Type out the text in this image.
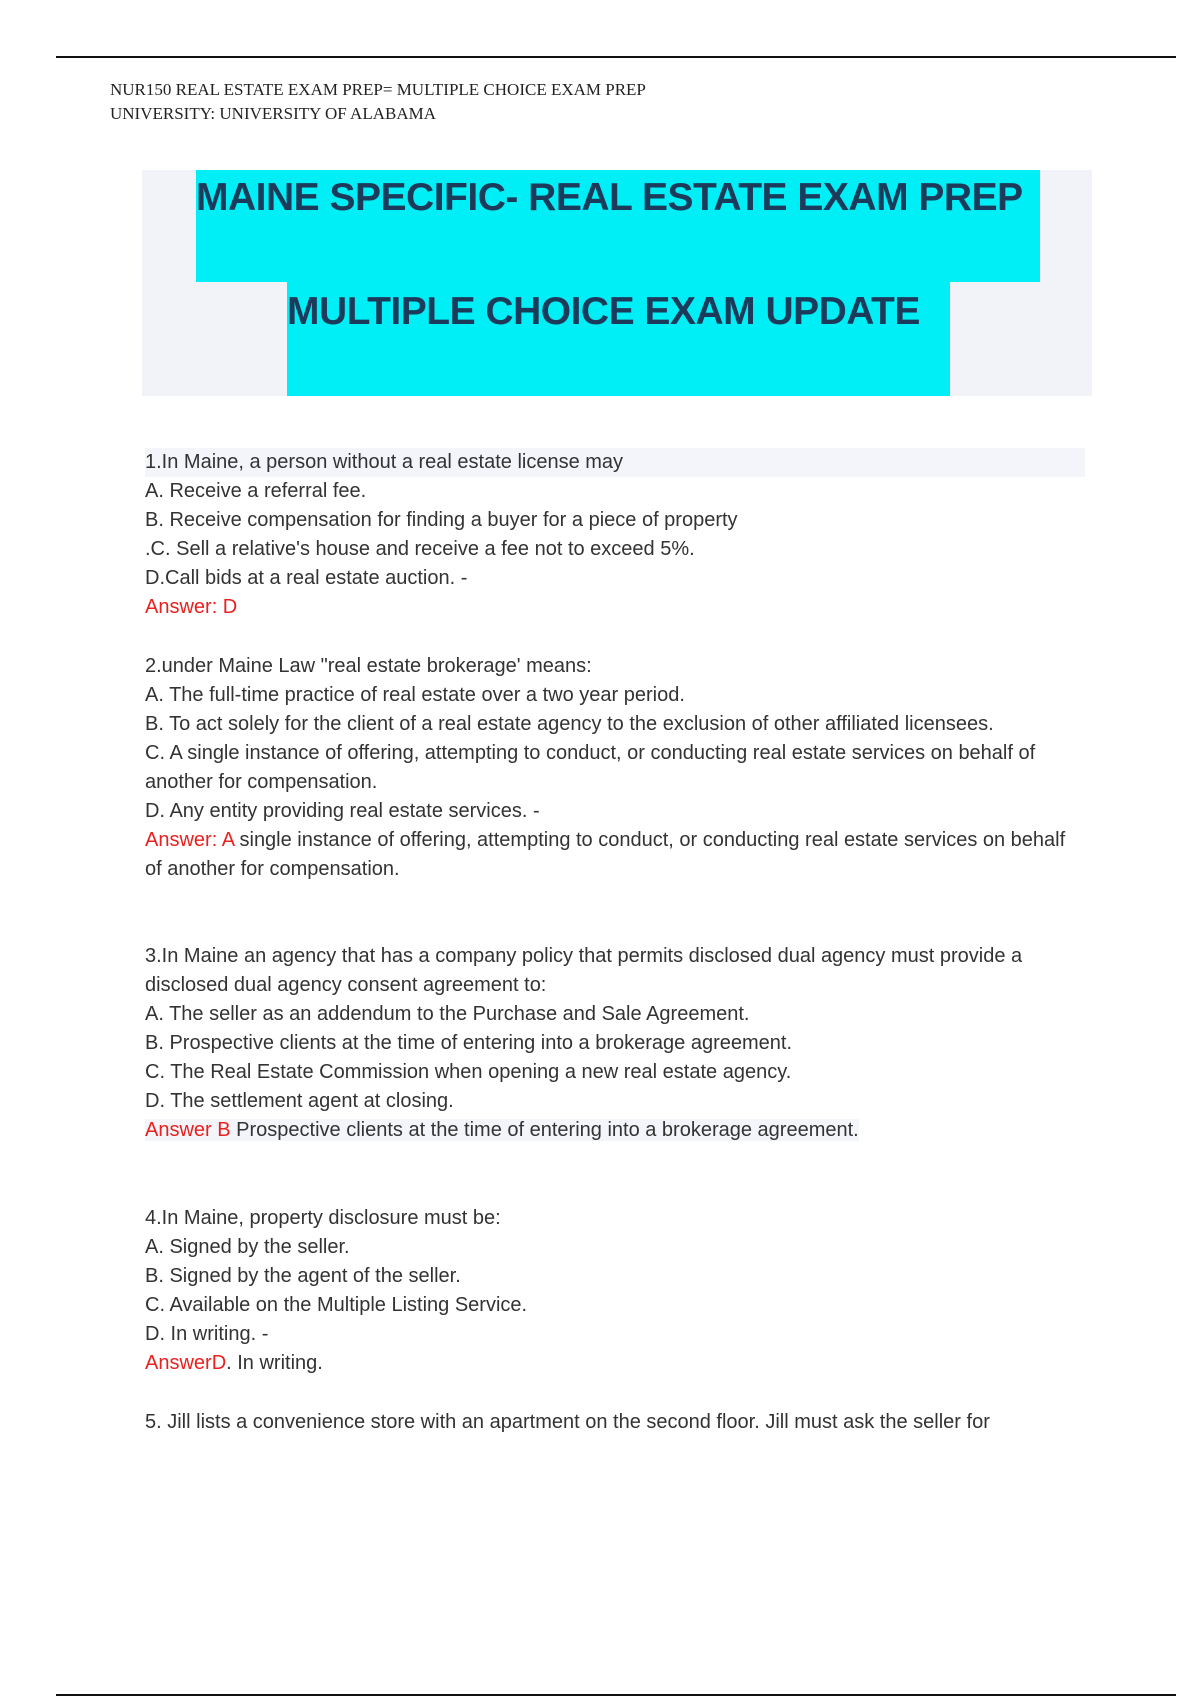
NUR150 REAL ESTATE EXAM PREP= MULTIPLE CHOICE EXAM PREP
UNIVERSITY: UNIVERSITY OF ALABAMA
MAINE SPECIFIC- REAL ESTATE EXAM PREP
MULTIPLE CHOICE EXAM UPDATE

1.In Maine, a person without a real estate license may

A. Receive a referral fee.

B. Receive compensation for finding a buyer for a piece of property

.C. Sell a relative's house and receive a fee not to exceed 5%.

D.Call bids at a real estate auction. -

Answer: D

2.under Maine Law "real estate brokerage' means:

A. The full-time practice of real estate over a two year period.

B. To act solely for the client of a real estate agency to the exclusion of other affiliated licensees.

C. A single instance of offering, attempting to conduct, or conducting real estate services on behalf of another for compensation.

D. Any entity providing real estate services. -

Answer: A single instance of offering, attempting to conduct, or conducting real estate services on behalf of another for compensation.

3.In Maine an agency that has a company policy that permits disclosed dual agency must provide a disclosed dual agency consent agreement to:

A. The seller as an addendum to the Purchase and Sale Agreement.

B. Prospective clients at the time of entering into a brokerage agreement.

C. The Real Estate Commission when opening a new real estate agency.

D. The settlement agent at closing.

Answer B Prospective clients at the time of entering into a brokerage agreement.

4.In Maine, property disclosure must be:

A. Signed by the seller.

B. Signed by the agent of the seller.

C. Available on the Multiple Listing Service.

D. In writing. -

AnswerD. In writing.

5. Jill lists a convenience store with an apartment on the second floor. Jill must ask the seller for
